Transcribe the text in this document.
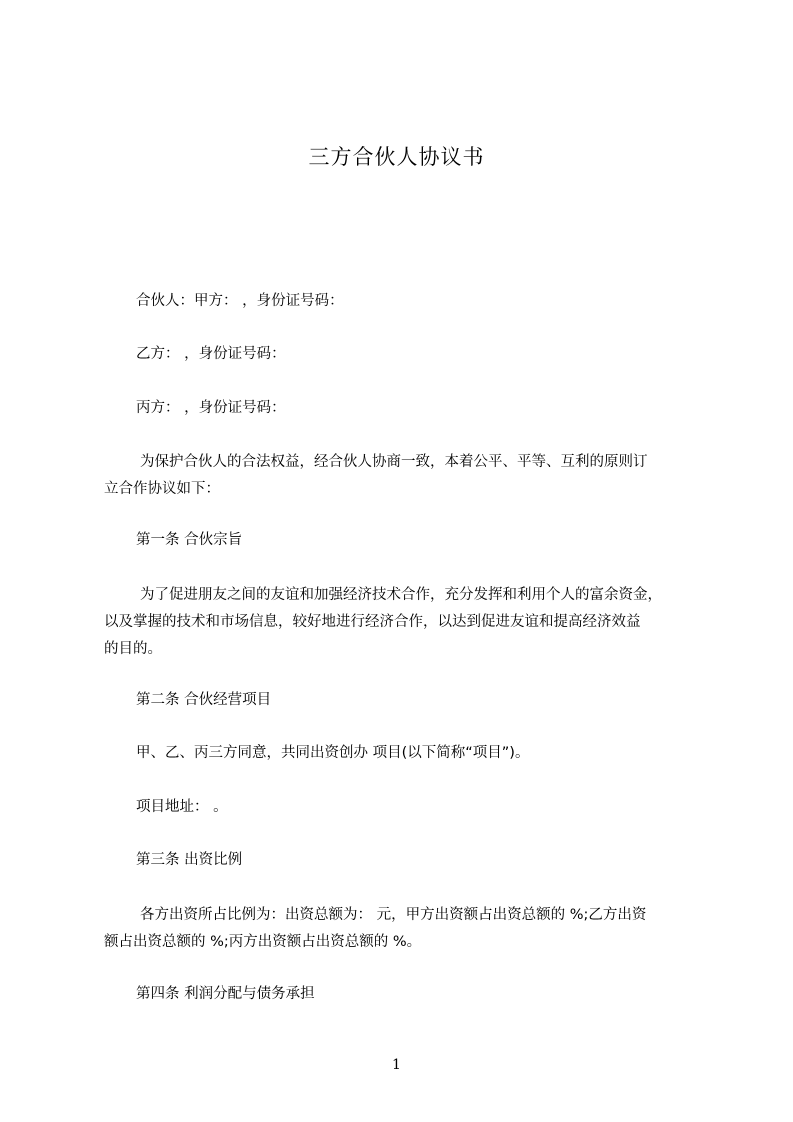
三方合伙人协议书
合伙人：甲方： ，身份证号码：
乙方： ，身份证号码：
丙方： ，身份证号码：
为保护合伙人的合法权益，经合伙人协商一致，本着公平、平等、互利的原则订
立合作协议如下：
第一条 合伙宗旨
为了促进朋友之间的友谊和加强经济技术合作，充分发挥和利用个人的富余资金，
以及掌握的技术和市场信息，较好地进行经济合作，以达到促进友谊和提高经济效益
的目的。
第二条 合伙经营项目
甲、乙、丙三方同意，共同出资创办 项目(以下简称“项目”)。
项目地址： 。
第三条 出资比例
各方出资所占比例为：出资总额为： 元，甲方出资额占出资总额的 %;乙方出资
额占出资总额的 %;丙方出资额占出资总额的 %。
第四条 利润分配与债务承担
1
